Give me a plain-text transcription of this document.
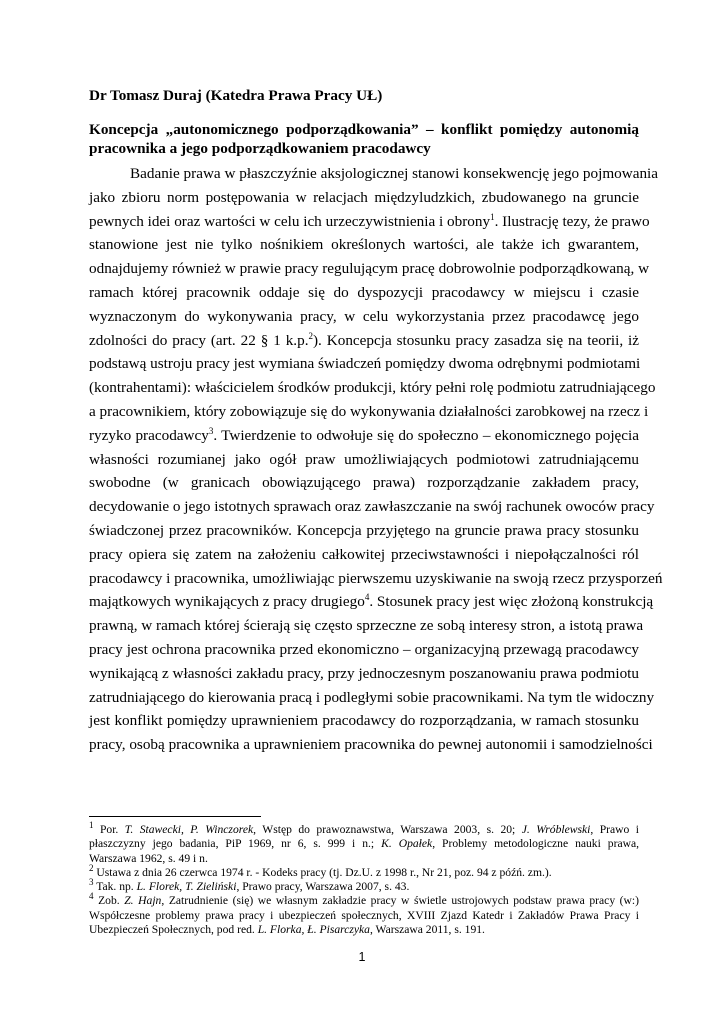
Dr Tomasz Duraj (Katedra Prawa Pracy UŁ)
Koncepcja „autonomicznego podporządkowania” – konflikt pomiędzy autonomią
pracownika a jego podporządkowaniem pracodawcy
Badanie prawa w płaszczyźnie aksjologicznej stanowi konsekwencję jego pojmowania
jako zbioru norm postępowania w relacjach międzyludzkich, zbudowanego na gruncie
pewnych idei oraz wartości w celu ich urzeczywistnienia i obrony$^1$. Ilustrację tezy, że prawo
stanowione jest nie tylko nośnikiem określonych wartości, ale także ich gwarantem,
odnajdujemy również w prawie pracy regulującym pracę dobrowolnie podporządkowaną, w
ramach której pracownik oddaje się do dyspozycji pracodawcy w miejscu i czasie
wyznaczonym do wykonywania pracy, w celu wykorzystania przez pracodawcę jego
zdolności do pracy (art. 22 § 1 k.p.$^2$). Koncepcja stosunku pracy zasadza się na teorii, iż
podstawą ustroju pracy jest wymiana świadczeń pomiędzy dwoma odrębnymi podmiotami
(kontrahentami): właścicielem środków produkcji, który pełni rolę podmiotu zatrudniającego
a pracownikiem, który zobowiązuje się do wykonywania działalności zarobkowej na rzecz i
ryzyko pracodawcy$^3$. Twierdzenie to odwołuje się do społeczno – ekonomicznego pojęcia
własności rozumianej jako ogół praw umożliwiających podmiotowi zatrudniającemu
swobodne (w granicach obowiązującego prawa) rozporządzanie zakładem pracy,
decydowanie o jego istotnych sprawach oraz zawłaszczanie na swój rachunek owoców pracy
świadczonej przez pracowników. Koncepcja przyjętego na gruncie prawa pracy stosunku
pracy opiera się zatem na założeniu całkowitej przeciwstawności i niepołączalności ról
pracodawcy i pracownika, umożliwiając pierwszemu uzyskiwanie na swoją rzecz przysporzeń
majątkowych wynikających z pracy drugiego$^4$. Stosunek pracy jest więc złożoną konstrukcją
prawną, w ramach której ścierają się często sprzeczne ze sobą interesy stron, a istotą prawa
pracy jest ochrona pracownika przed ekonomiczno – organizacyjną przewagą pracodawcy
wynikającą z własności zakładu pracy, przy jednoczesnym poszanowaniu prawa podmiotu
zatrudniającego do kierowania pracą i podległymi sobie pracownikami. Na tym tle widoczny
jest konflikt pomiędzy uprawnieniem pracodawcy do rozporządzania, w ramach stosunku
pracy, osobą pracownika a uprawnieniem pracownika do pewnej autonomii i samodzielności
$^1$ Por. T. Stawecki, P. Winczorek, Wstęp do prawoznawstwa, Warszawa 2003, s. 20; J. Wróblewski, Prawo i
płaszczyzny jego badania, PiP 1969, nr 6, s. 999 i n.; K. Opałek, Problemy metodologiczne nauki prawa,
Warszawa 1962, s. 49 i n.
$^2$ Ustawa z dnia 26 czerwca 1974 r. - Kodeks pracy (tj. Dz.U. z 1998 r., Nr 21, poz. 94 z późń. zm.).
$^3$ Tak. np. L. Florek, T. Zieliński, Prawo pracy, Warszawa 2007, s. 43.
$^4$ Zob. Z. Hajn, Zatrudnienie (się) we własnym zakładzie pracy w świetle ustrojowych podstaw prawa pracy (w:)
Współczesne problemy prawa pracy i ubezpieczeń społecznych, XVIII Zjazd Katedr i Zakładów Prawa Pracy i
Ubezpieczeń Społecznych, pod red. L. Florka, Ł. Pisarczyka, Warszawa 2011, s. 191.
1
